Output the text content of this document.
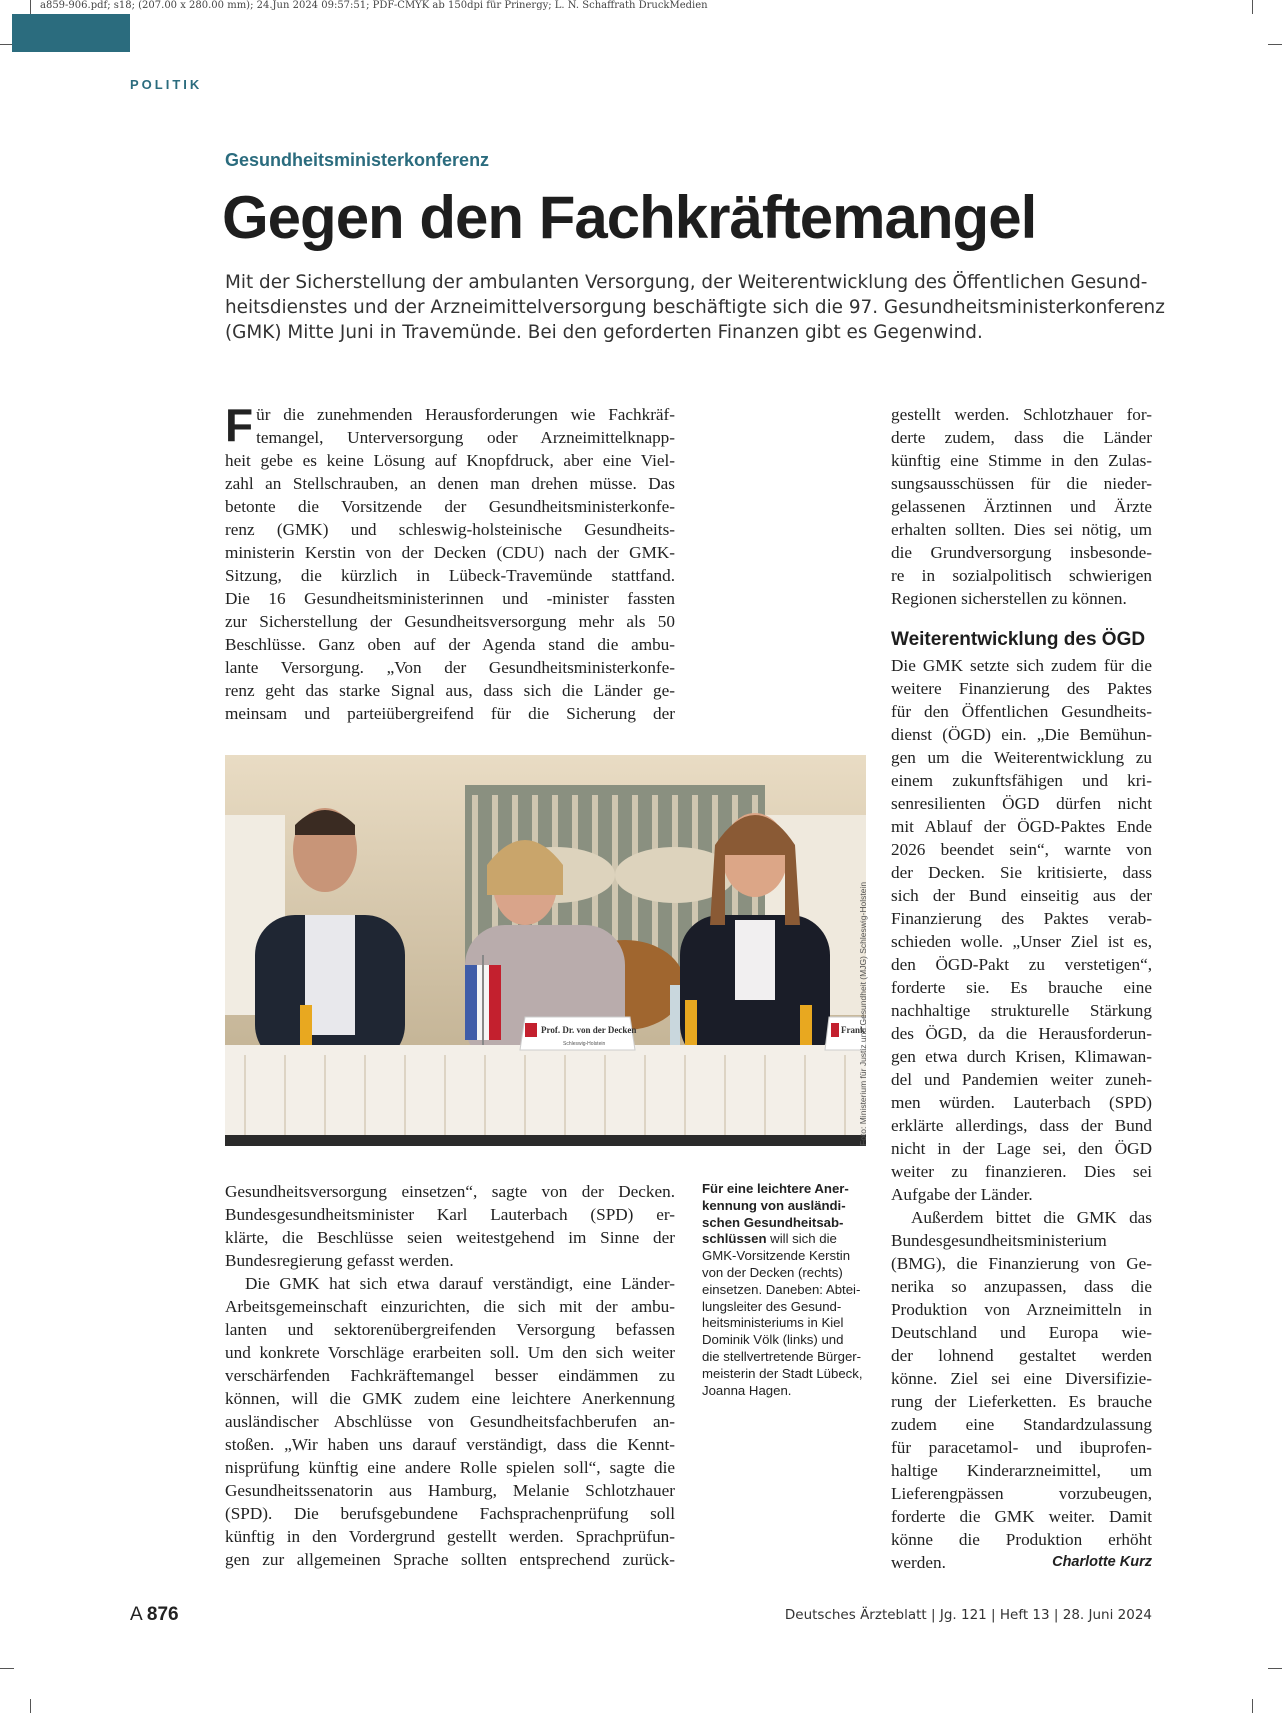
a859-906.pdf; s18; (207.00 x 280.00 mm); 24.Jun 2024 09:57:51; PDF-CMYK ab 150dpi für Prinergy; L. N. Schaffrath DruckMedien
POLITIK
Gesundheitsministerkonferenz
Gegen den Fachkräftemangel
Mit der Sicherstellung der ambulanten Versorgung, der Weiterentwicklung des Öffentlichen Gesund-
heitsdienstes und der Arzneimittelversorgung beschäftigte sich die 97. Gesundheitsministerkonferenz
(GMK) Mitte Juni in Travemünde. Bei den geforderten Finanzen gibt es Gegenwind.
F ür die zunehmenden Herausforderungen wie Fachkräf-
temangel, Unterversorgung oder Arzneimittelknapp-
heit gebe es keine Lösung auf Knopfdruck, aber eine Viel-
zahl an Stellschrauben, an denen man drehen müsse. Das
betonte die Vorsitzende der Gesundheitsministerkonfe-
renz (GMK) und schleswig-holsteinische Gesundheits-
ministerin Kerstin von der Decken (CDU) nach der GMK-
Sitzung, die kürzlich in Lübeck-Travemünde stattfand.
Die 16 Gesundheitsministerinnen und -minister fassten
zur Sicherstellung der Gesundheitsversorgung mehr als 50
Beschlüsse. Ganz oben auf der Agenda stand die ambu-
lante Versorgung. „Von der Gesundheitsministerkonfe-
renz geht das starke Signal aus, dass sich die Länder ge-
meinsam und parteiübergreifend für die Sicherung der
Prof. Dr. von der Decken
Schleswig-Holstein
Frank
Foto: Ministerium für Justiz und Gesundheit (MJG) Schleswig-Holstein
Gesundheitsversorgung einsetzen“, sagte von der Decken.
Bundesgesundheitsminister Karl Lauterbach (SPD) er-
klärte, die Beschlüsse seien weitestgehend im Sinne der
Bundesregierung gefasst werden.
Die GMK hat sich etwa darauf verständigt, eine Länder-
Arbeitsgemeinschaft einzurichten, die sich mit der ambu-
lanten und sektorenübergreifenden Versorgung befassen
und konkrete Vorschläge erarbeiten soll. Um den sich weiter
verschärfenden Fachkräftemangel besser eindämmen zu
können, will die GMK zudem eine leichtere Anerkennung
ausländischer Abschlüsse von Gesundheitsfachberufen an-
stoßen. „Wir haben uns darauf verständigt, dass die Kennt-
nisprüfung künftig eine andere Rolle spielen soll“, sagte die
Gesundheitssenatorin aus Hamburg, Melanie Schlotzhauer
(SPD). Die berufsgebundene Fachsprachenprüfung soll
künftig in den Vordergrund gestellt werden. Sprachprüfun-
gen zur allgemeinen Sprache sollten entsprechend zurück-
Für eine leichtere Aner-
kennung von ausländi-
schen Gesundheitsab-
schlüssen will sich die
GMK-Vorsitzende Kerstin
von der Decken (rechts)
einsetzen. Daneben: Abtei-
lungsleiter des Gesund-
heitsministeriums in Kiel
Dominik Völk (links) und
die stellvertretende Bürger-
meisterin der Stadt Lübeck,
Joanna Hagen.
gestellt werden. Schlotzhauer for-
derte zudem, dass die Länder
künftig eine Stimme in den Zulas-
sungsausschüssen für die nieder-
gelassenen Ärztinnen und Ärzte
erhalten sollten. Dies sei nötig, um
die Grundversorgung insbesonde-
re in sozialpolitisch schwierigen
Regionen sicherstellen zu können.
Weiterentwicklung des ÖGD
Die GMK setzte sich zudem für die
weitere Finanzierung des Paktes
für den Öffentlichen Gesundheits-
dienst (ÖGD) ein. „Die Bemühun-
gen um die Weiterentwicklung zu
einem zukunftsfähigen und kri-
senresilienten ÖGD dürfen nicht
mit Ablauf der ÖGD-Paktes Ende
2026 beendet sein“, warnte von
der Decken. Sie kritisierte, dass
sich der Bund einseitig aus der
Finanzierung des Paktes verab-
schieden wolle. „Unser Ziel ist es,
den ÖGD-Pakt zu verstetigen“,
forderte sie. Es brauche eine
nachhaltige strukturelle Stärkung
des ÖGD, da die Herausforderun-
gen etwa durch Krisen, Klimawan-
del und Pandemien weiter zuneh-
men würden. Lauterbach (SPD)
erklärte allerdings, dass der Bund
nicht in der Lage sei, den ÖGD
weiter zu finanzieren. Dies sei
Aufgabe der Länder.
Außerdem bittet die GMK das
Bundesgesundheitsministerium
(BMG), die Finanzierung von Ge-
nerika so anzupassen, dass die
Produktion von Arzneimitteln in
Deutschland und Europa wie-
der lohnend gestaltet werden
könne. Ziel sei eine Diversifizie-
rung der Lieferketten. Es brauche
zudem eine Standardzulassung
für paracetamol- und ibuprofen-
haltige Kinderarzneimittel, um
Lieferengpässen vorzubeugen,
forderte die GMK weiter. Damit
könne die Produktion erhöht
werden.	Charlotte Kurz
A 876	Deutsches Ärzteblatt | Jg. 121 | Heft 13 | 28. Juni 2024
